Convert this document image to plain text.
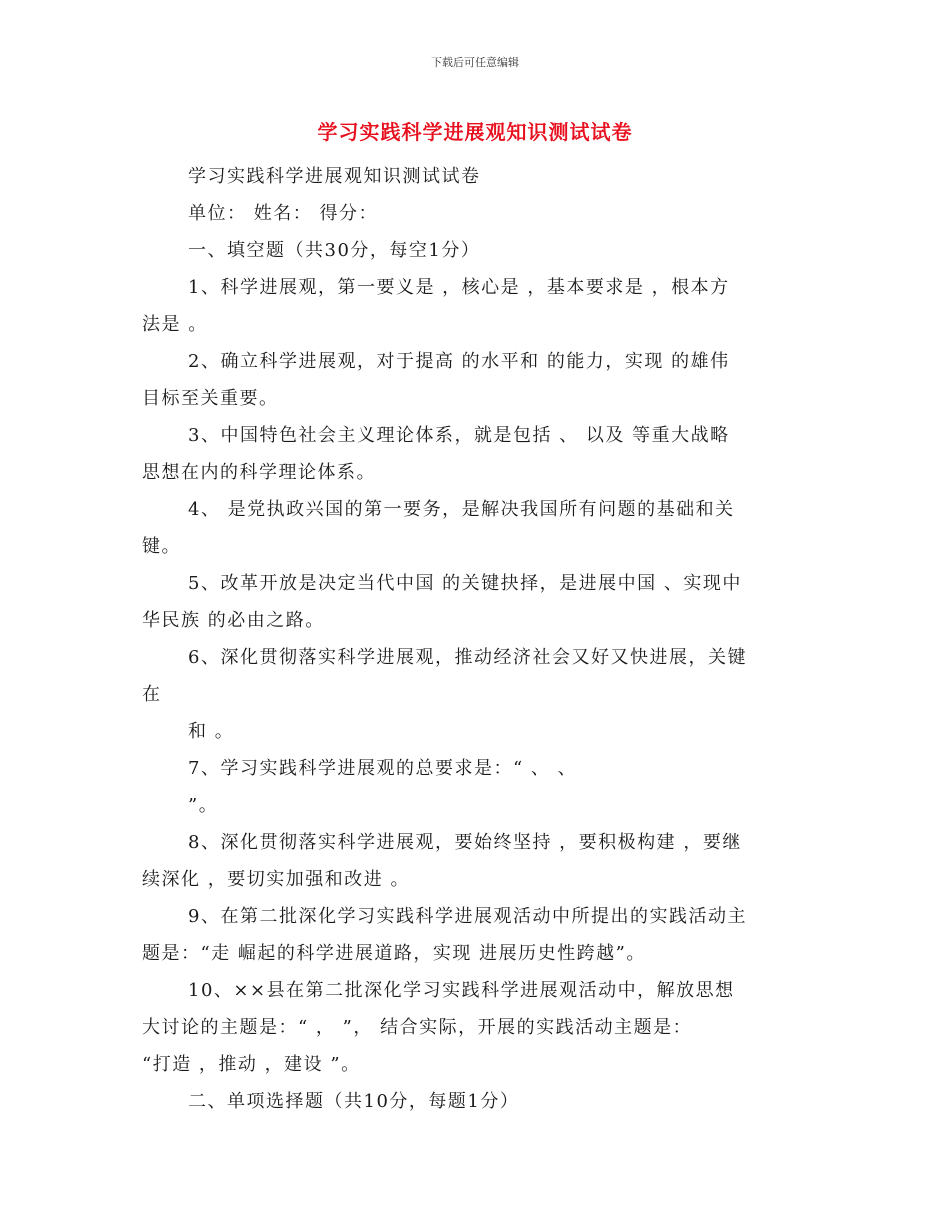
下载后可任意编辑
学习实践科学进展观知识测试试卷
学习实践科学进展观知识测试试卷
单位： 姓名： 得分：
一、填空题（共30分，每空1分）
1、科学进展观，第一要义是 ，核心是 ，基本要求是 ，根本方
法是 。
2、确立科学进展观，对于提高 的水平和 的能力，实现 的雄伟
目标至关重要。
3、中国特色社会主义理论体系，就是包括 、 以及 等重大战略
思想在内的科学理论体系。
4、 是党执政兴国的第一要务，是解决我国所有问题的基础和关
键。
5、改革开放是决定当代中国 的关键抉择，是进展中国 、实现中
华民族 的必由之路。
6、深化贯彻落实科学进展观，推动经济社会又好又快进展，关键
在
和 。
7、学习实践科学进展观的总要求是：“ 、 、
”。
8、深化贯彻落实科学进展观，要始终坚持 ，要积极构建 ，要继
续深化 ，要切实加强和改进 。
9、在第二批深化学习实践科学进展观活动中所提出的实践活动主
题是：“走 崛起的科学进展道路，实现 进展历史性跨越”。
10、××县在第二批深化学习实践科学进展观活动中，解放思想
大讨论的主题是：“ ， ”， 结合实际，开展的实践活动主题是：
“打造 ，推动 ，建设 ”。
二、单项选择题（共10分，每题1分）
